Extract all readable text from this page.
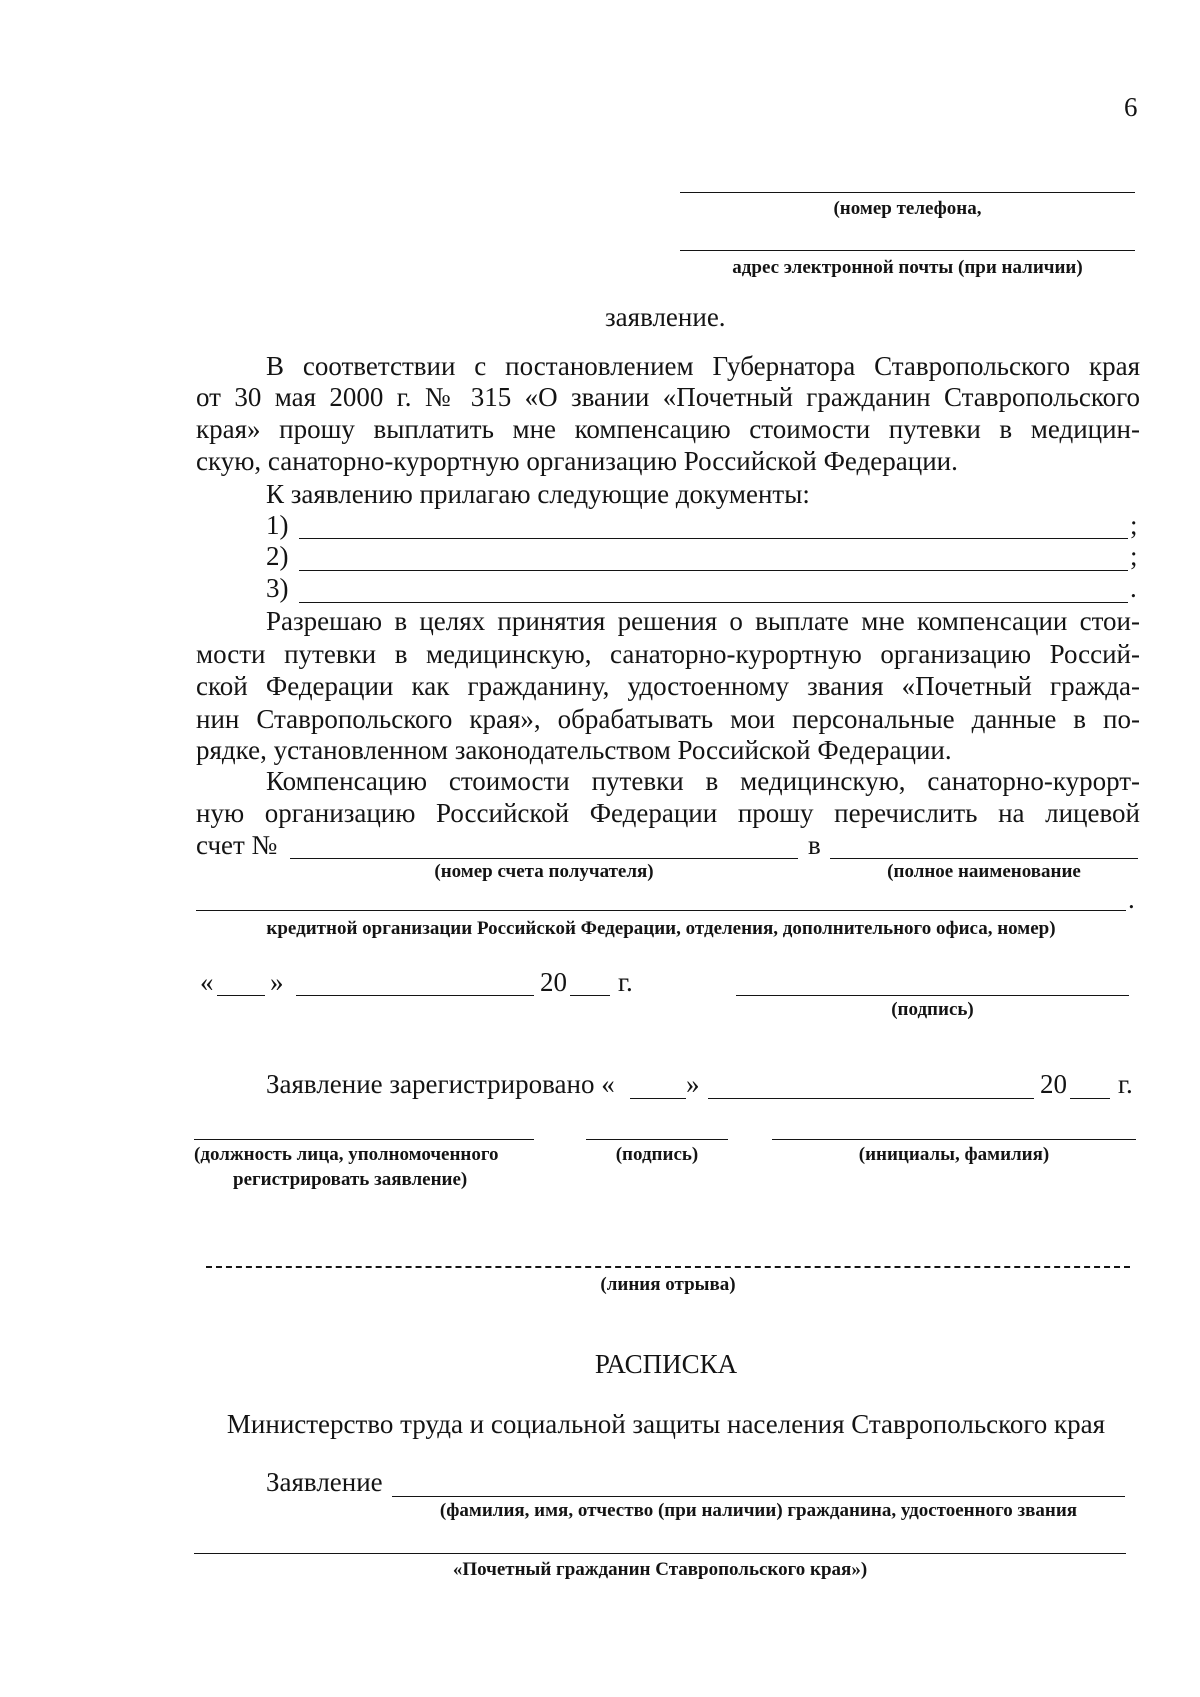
6
(номер телефона,
адрес электронной почты (при наличии)
заявление.
В соответствии с постановлением Губернатора Ставропольского края
от 30 мая 2000 г. № 315 «О звании «Почетный гражданин Ставропольского
края» прошу выплатить мне компенсацию стоимости путевки в медицин-
скую, санаторно-курортную организацию Российской Федерации.
К заявлению прилагаю следующие документы:
1)	;
2)	;
3)	.
Разрешаю в целях принятия решения о выплате мне компенсации стои-
мости путевки в медицинскую, санаторно-курортную организацию Россий-
ской Федерации как гражданину, удостоенному звания «Почетный гражда-
нин Ставропольского края», обрабатывать мои персональные данные в по-
рядке, установленном законодательством Российской Федерации.
Компенсацию стоимости путевки в медицинскую, санаторно-курорт-
ную организацию Российской Федерации прошу перечислить на лицевой
счет №	в
(номер счета получателя)	(полное наименование
.
кредитной организации Российской Федерации, отделения, дополнительного офиса, номер)
« »	20 г.
(подпись)
Заявление зарегистрировано «	»	20 г.
(должность лица, уполномоченного
регистрировать заявление)
(подпись)	(инициалы, фамилия)
(линия отрыва)
РАСПИСКА
Министерство труда и социальной защиты населения Ставропольского края
Заявление
(фамилия, имя, отчество (при наличии) гражданина, удостоенного звания
«Почетный гражданин Ставропольского края»)
